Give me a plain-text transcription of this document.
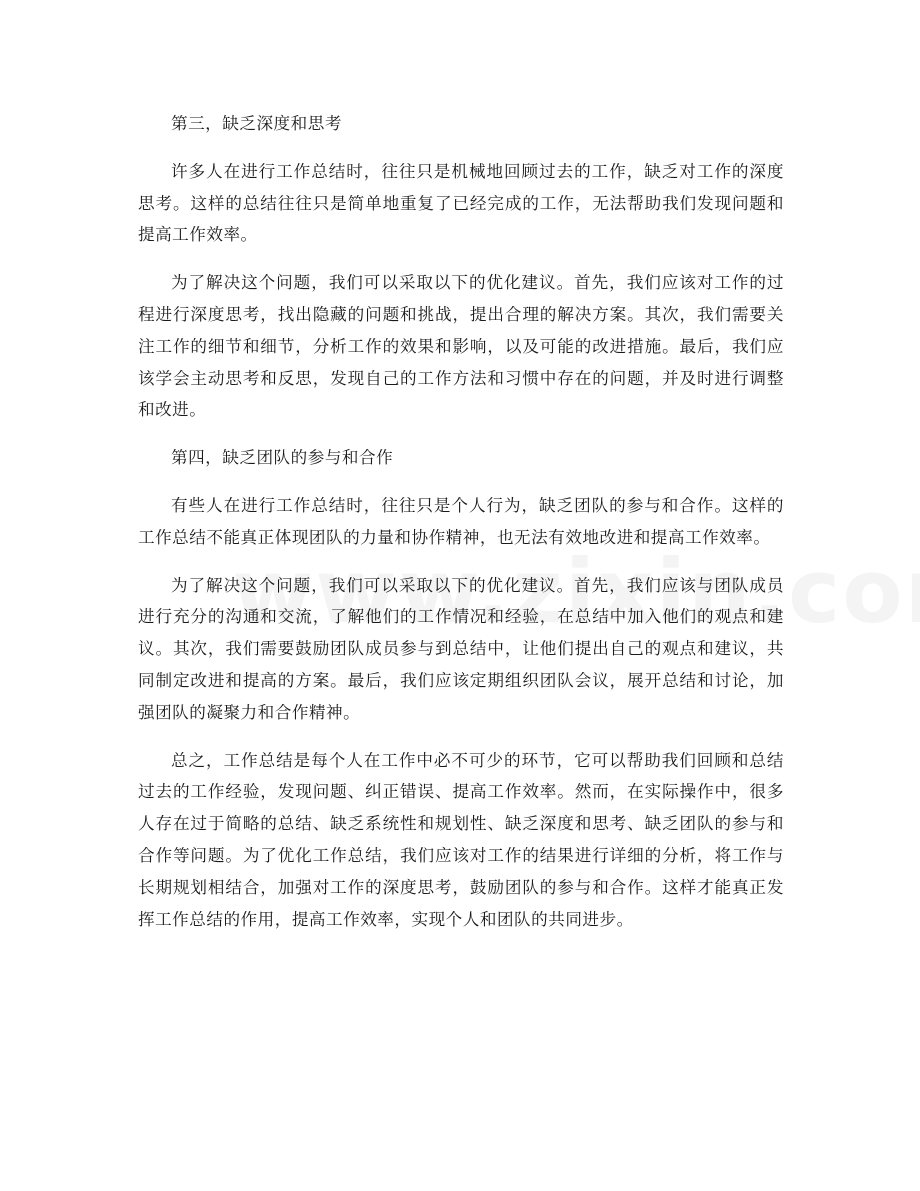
第三，缺乏深度和思考

许多人在进行工作总结时，往往只是机械地回顾过去的工作，缺乏对工作的深度思考。这样的总结往往只是简单地重复了已经完成的工作，无法帮助我们发现问题和提高工作效率。

为了解决这个问题，我们可以采取以下的优化建议。首先，我们应该对工作的过程进行深度思考，找出隐藏的问题和挑战，提出合理的解决方案。其次，我们需要关注工作的细节和细节，分析工作的效果和影响，以及可能的改进措施。最后，我们应该学会主动思考和反思，发现自己的工作方法和习惯中存在的问题，并及时进行调整和改进。

第四，缺乏团队的参与和合作

有些人在进行工作总结时，往往只是个人行为，缺乏团队的参与和合作。这样的工作总结不能真正体现团队的力量和协作精神，也无法有效地改进和提高工作效率。

为了解决这个问题，我们可以采取以下的优化建议。首先，我们应该与团队成员进行充分的沟通和交流，了解他们的工作情况和经验，在总结中加入他们的观点和建议。其次，我们需要鼓励团队成员参与到总结中，让他们提出自己的观点和建议，共同制定改进和提高的方案。最后，我们应该定期组织团队会议，展开总结和讨论，加强团队的凝聚力和合作精神。

总之，工作总结是每个人在工作中必不可少的环节，它可以帮助我们回顾和总结过去的工作经验，发现问题、纠正错误、提高工作效率。然而，在实际操作中，很多人存在过于简略的总结、缺乏系统性和规划性、缺乏深度和思考、缺乏团队的参与和合作等问题。为了优化工作总结，我们应该对工作的结果进行详细的分析，将工作与长期规划相结合，加强对工作的深度思考，鼓励团队的参与和合作。这样才能真正发挥工作总结的作用，提高工作效率，实现个人和团队的共同进步。
